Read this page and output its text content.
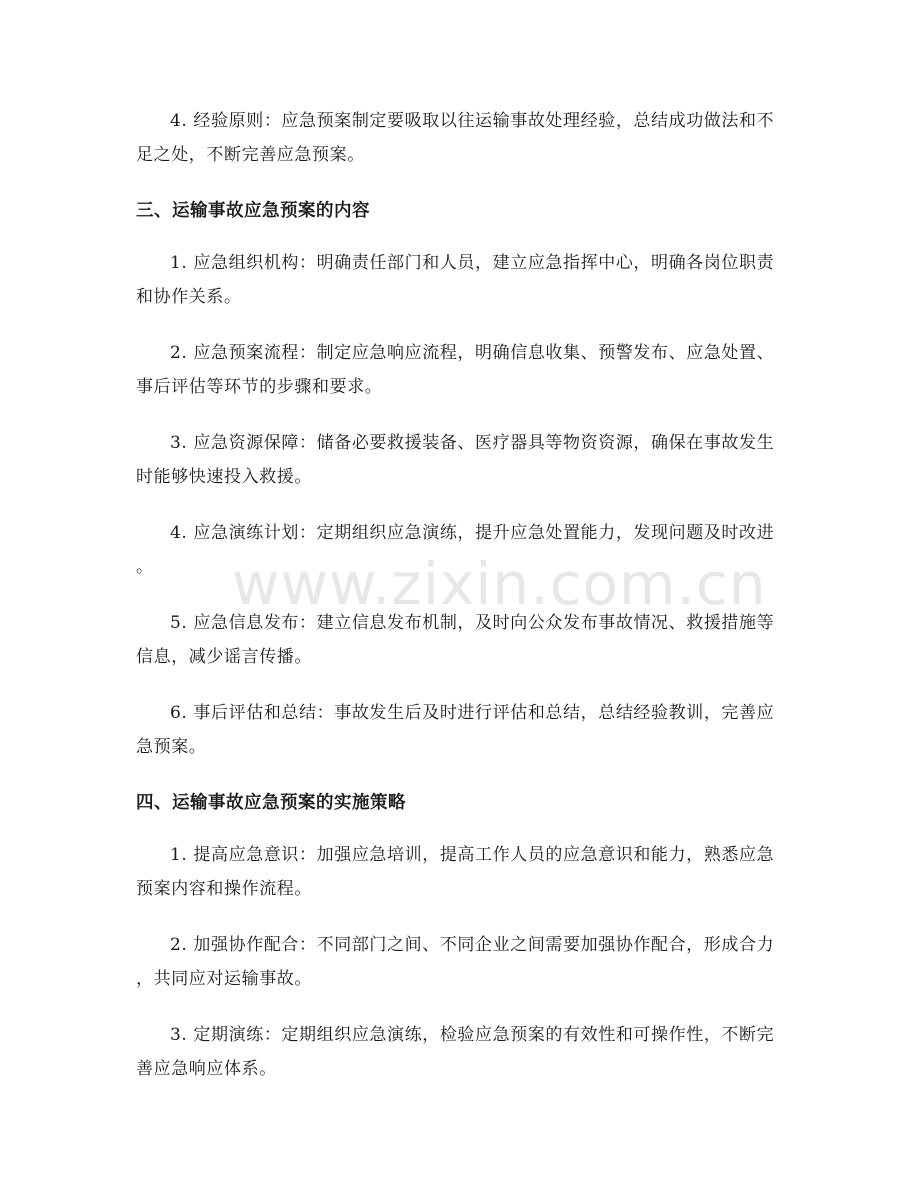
4. 经验原则：应急预案制定要吸取以往运输事故处理经验，总结成功做法和不
足之处，不断完善应急预案。

三、运输事故应急预案的内容

1. 应急组织机构：明确责任部门和人员，建立应急指挥中心，明确各岗位职责
和协作关系。

2. 应急预案流程：制定应急响应流程，明确信息收集、预警发布、应急处置、
事后评估等环节的步骤和要求。

3. 应急资源保障：储备必要救援装备、医疗器具等物资资源，确保在事故发生
时能够快速投入救援。

4. 应急演练计划：定期组织应急演练，提升应急处置能力，发现问题及时改进
。

5. 应急信息发布：建立信息发布机制，及时向公众发布事故情况、救援措施等
信息，减少谣言传播。

6. 事后评估和总结：事故发生后及时进行评估和总结，总结经验教训，完善应
急预案。

四、运输事故应急预案的实施策略

1. 提高应急意识：加强应急培训，提高工作人员的应急意识和能力，熟悉应急
预案内容和操作流程。

2. 加强协作配合：不同部门之间、不同企业之间需要加强协作配合，形成合力
，共同应对运输事故。

3. 定期演练：定期组织应急演练，检验应急预案的有效性和可操作性，不断完
善应急响应体系。

www.zixin.com.cn
